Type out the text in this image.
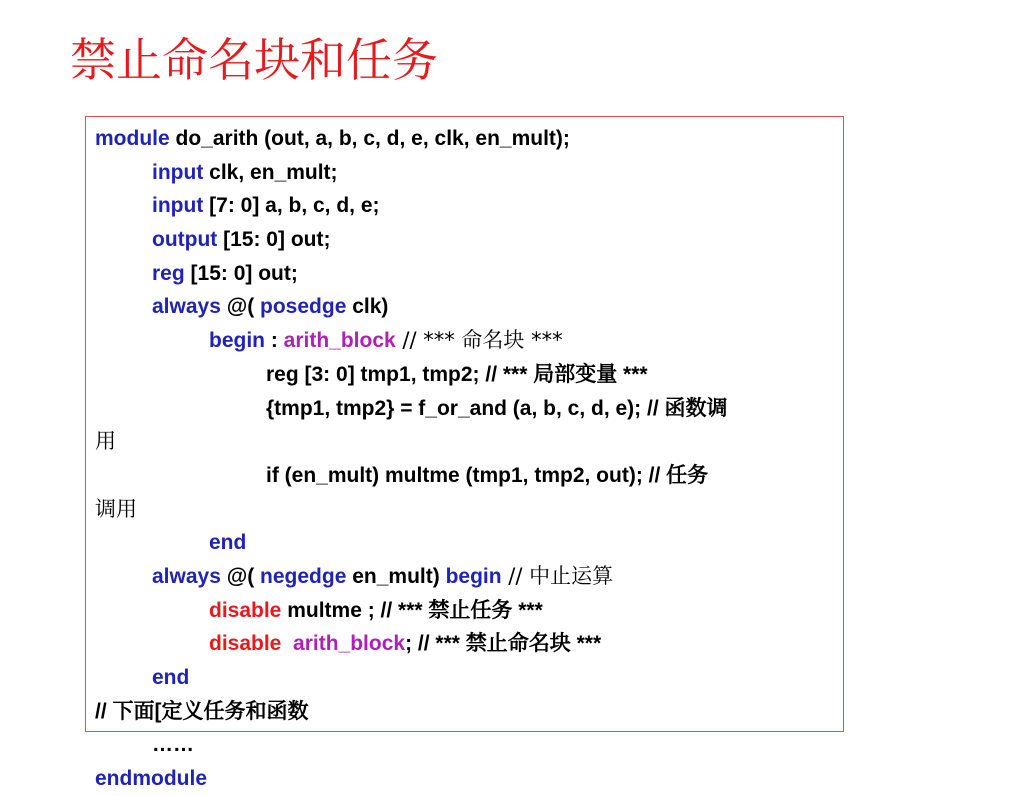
禁止命名块和任务
module do_arith (out, a, b, c, d, e, clk, en_mult);
input clk, en_mult;
input [7: 0] a, b, c, d, e;
output [15: 0] out;
reg [15: 0] out;
always @( posedge clk)
begin : arith_block // *** 命名块 ***
reg [3: 0] tmp1, tmp2; // *** 局部变量 ***
{tmp1, tmp2} = f_or_and (a, b, c, d, e); // 函数调
用
if (en_mult) multme (tmp1, tmp2, out); // 任务
调用
end
always @( negedge en_mult) begin // 中止运算
disable multme ; // *** 禁止任务 ***
disable arith_block; // *** 禁止命名块 ***
end
// 下面[定义任务和函数
……
endmodule
